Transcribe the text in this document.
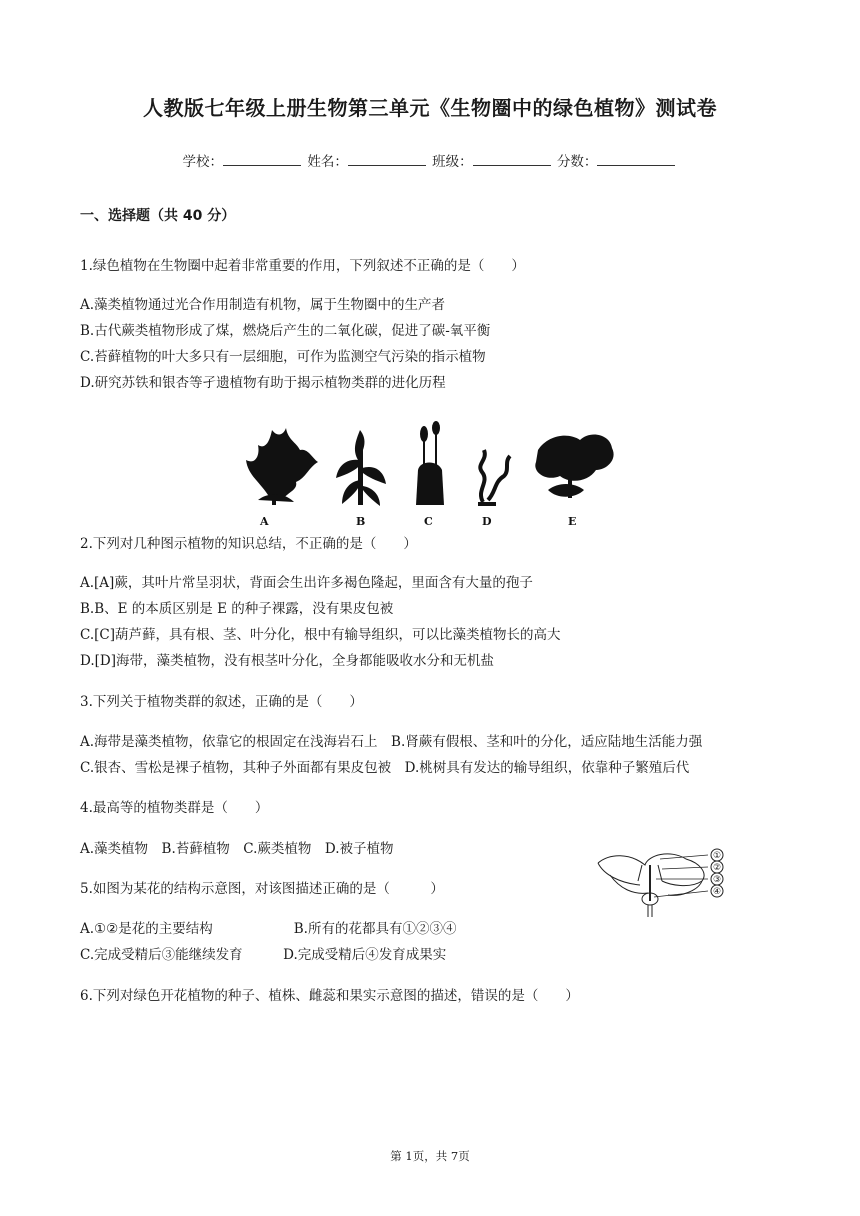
人教版七年级上册生物第三单元《生物圈中的绿色植物》测试卷
学校：	姓名：	班级：	分数：
一、选择题（共 40 分）
1.绿色植物在生物圈中起着非常重要的作用，下列叙述不正确的是（　　）
A.藻类植物通过光合作用制造有机物，属于生物圈中的生产者
B.古代蕨类植物形成了煤，燃烧后产生的二氧化碳，促进了碳-氧平衡
C.苔藓植物的叶大多只有一层细胞，可作为监测空气污染的指示植物
D.研究苏铁和银杏等孑遗植物有助于揭示植物类群的进化历程
A	B	C	D	E
2.下列对几种图示植物的知识总结，不正确的是（　　）
A.[A]蕨，其叶片常呈羽状，背面会生出许多褐色隆起，里面含有大量的孢子
B.B、E 的本质区别是 E 的种子裸露，没有果皮包被
C.[C]葫芦藓，具有根、茎、叶分化，根中有输导组织，可以比藻类植物长的高大
D.[D]海带，藻类植物，没有根茎叶分化，全身都能吸收水分和无机盐
3.下列关于植物类群的叙述，正确的是（　　）
A.海带是藻类植物，依靠它的根固定在浅海岩石上　B.肾蕨有假根、茎和叶的分化，适应陆地生活能力强
C.银杏、雪松是裸子植物，其种子外面都有果皮包被　D.桃树具有发达的输导组织，依靠种子繁殖后代
4.最高等的植物类群是（　　）
A.藻类植物　B.苔藓植物　C.蕨类植物　D.被子植物	①
②
③
④
5.如图为某花的结构示意图，对该图描述正确的是（　　　）
A.①②是花的主要结构　　　　　　B.所有的花都具有①②③④
C.完成受精后③能继续发育　　　D.完成受精后④发育成果实
6.下列对绿色开花植物的种子、植株、雌蕊和果实示意图的描述，错误的是（　　）
第 1页，共 7页
